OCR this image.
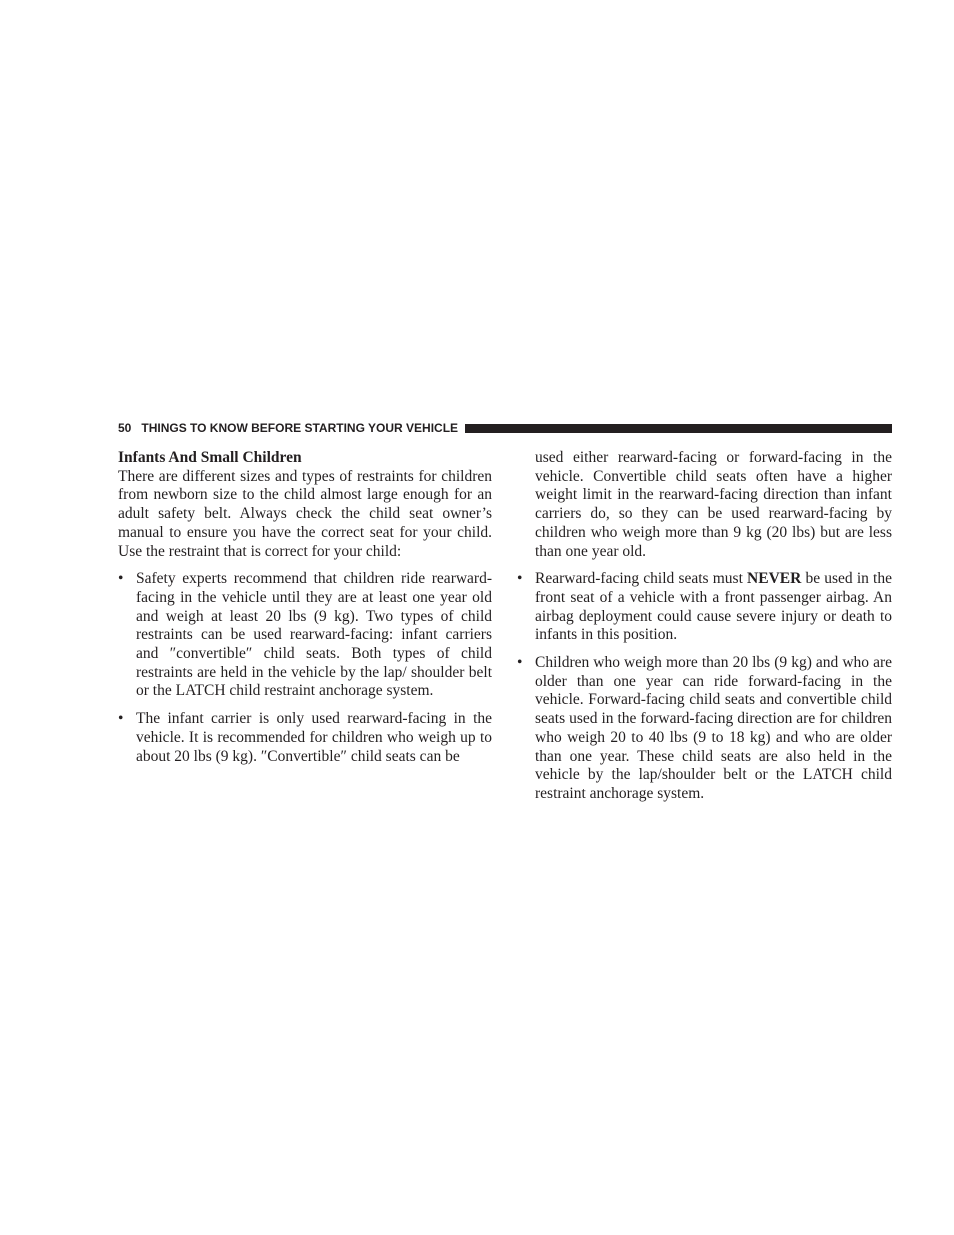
50 THINGS TO KNOW BEFORE STARTING YOUR VEHICLE

Infants And Small Children

There are different sizes and types of restraints for children from newborn size to the child almost large enough for an adult safety belt. Always check the child seat owner’s manual to ensure you have the correct seat for your child. Use the restraint that is correct for your child:

• Safety experts recommend that children ride rearward-facing in the vehicle until they are at least one year old and weigh at least 20 lbs (9 kg). Two types of child restraints can be used rearward-facing: infant carriers and ″convertible″ child seats. Both types of child restraints are held in the vehicle by the lap/ shoulder belt or the LATCH child restraint anchorage system.
• The infant carrier is only used rearward-facing in the vehicle. It is recommended for children who weigh up to about 20 lbs (9 kg). ″Convertible″ child seats can be

used either rearward-facing or forward-facing in the vehicle. Convertible child seats often have a higher weight limit in the rearward-facing direction than infant carriers do, so they can be used rearward-facing by children who weigh more than 9 kg (20 lbs) but are less than one year old.

• Rearward-facing child seats must NEVER be used in the front seat of a vehicle with a front passenger airbag. An airbag deployment could cause severe injury or death to infants in this position.
• Children who weigh more than 20 lbs (9 kg) and who are older than one year can ride forward-facing in the vehicle. Forward-facing child seats and convertible child seats used in the forward-facing direction are for children who weigh 20 to 40 lbs (9 to 18 kg) and who are older than one year. These child seats are also held in the vehicle by the lap/shoulder belt or the LATCH child restraint anchorage system.
